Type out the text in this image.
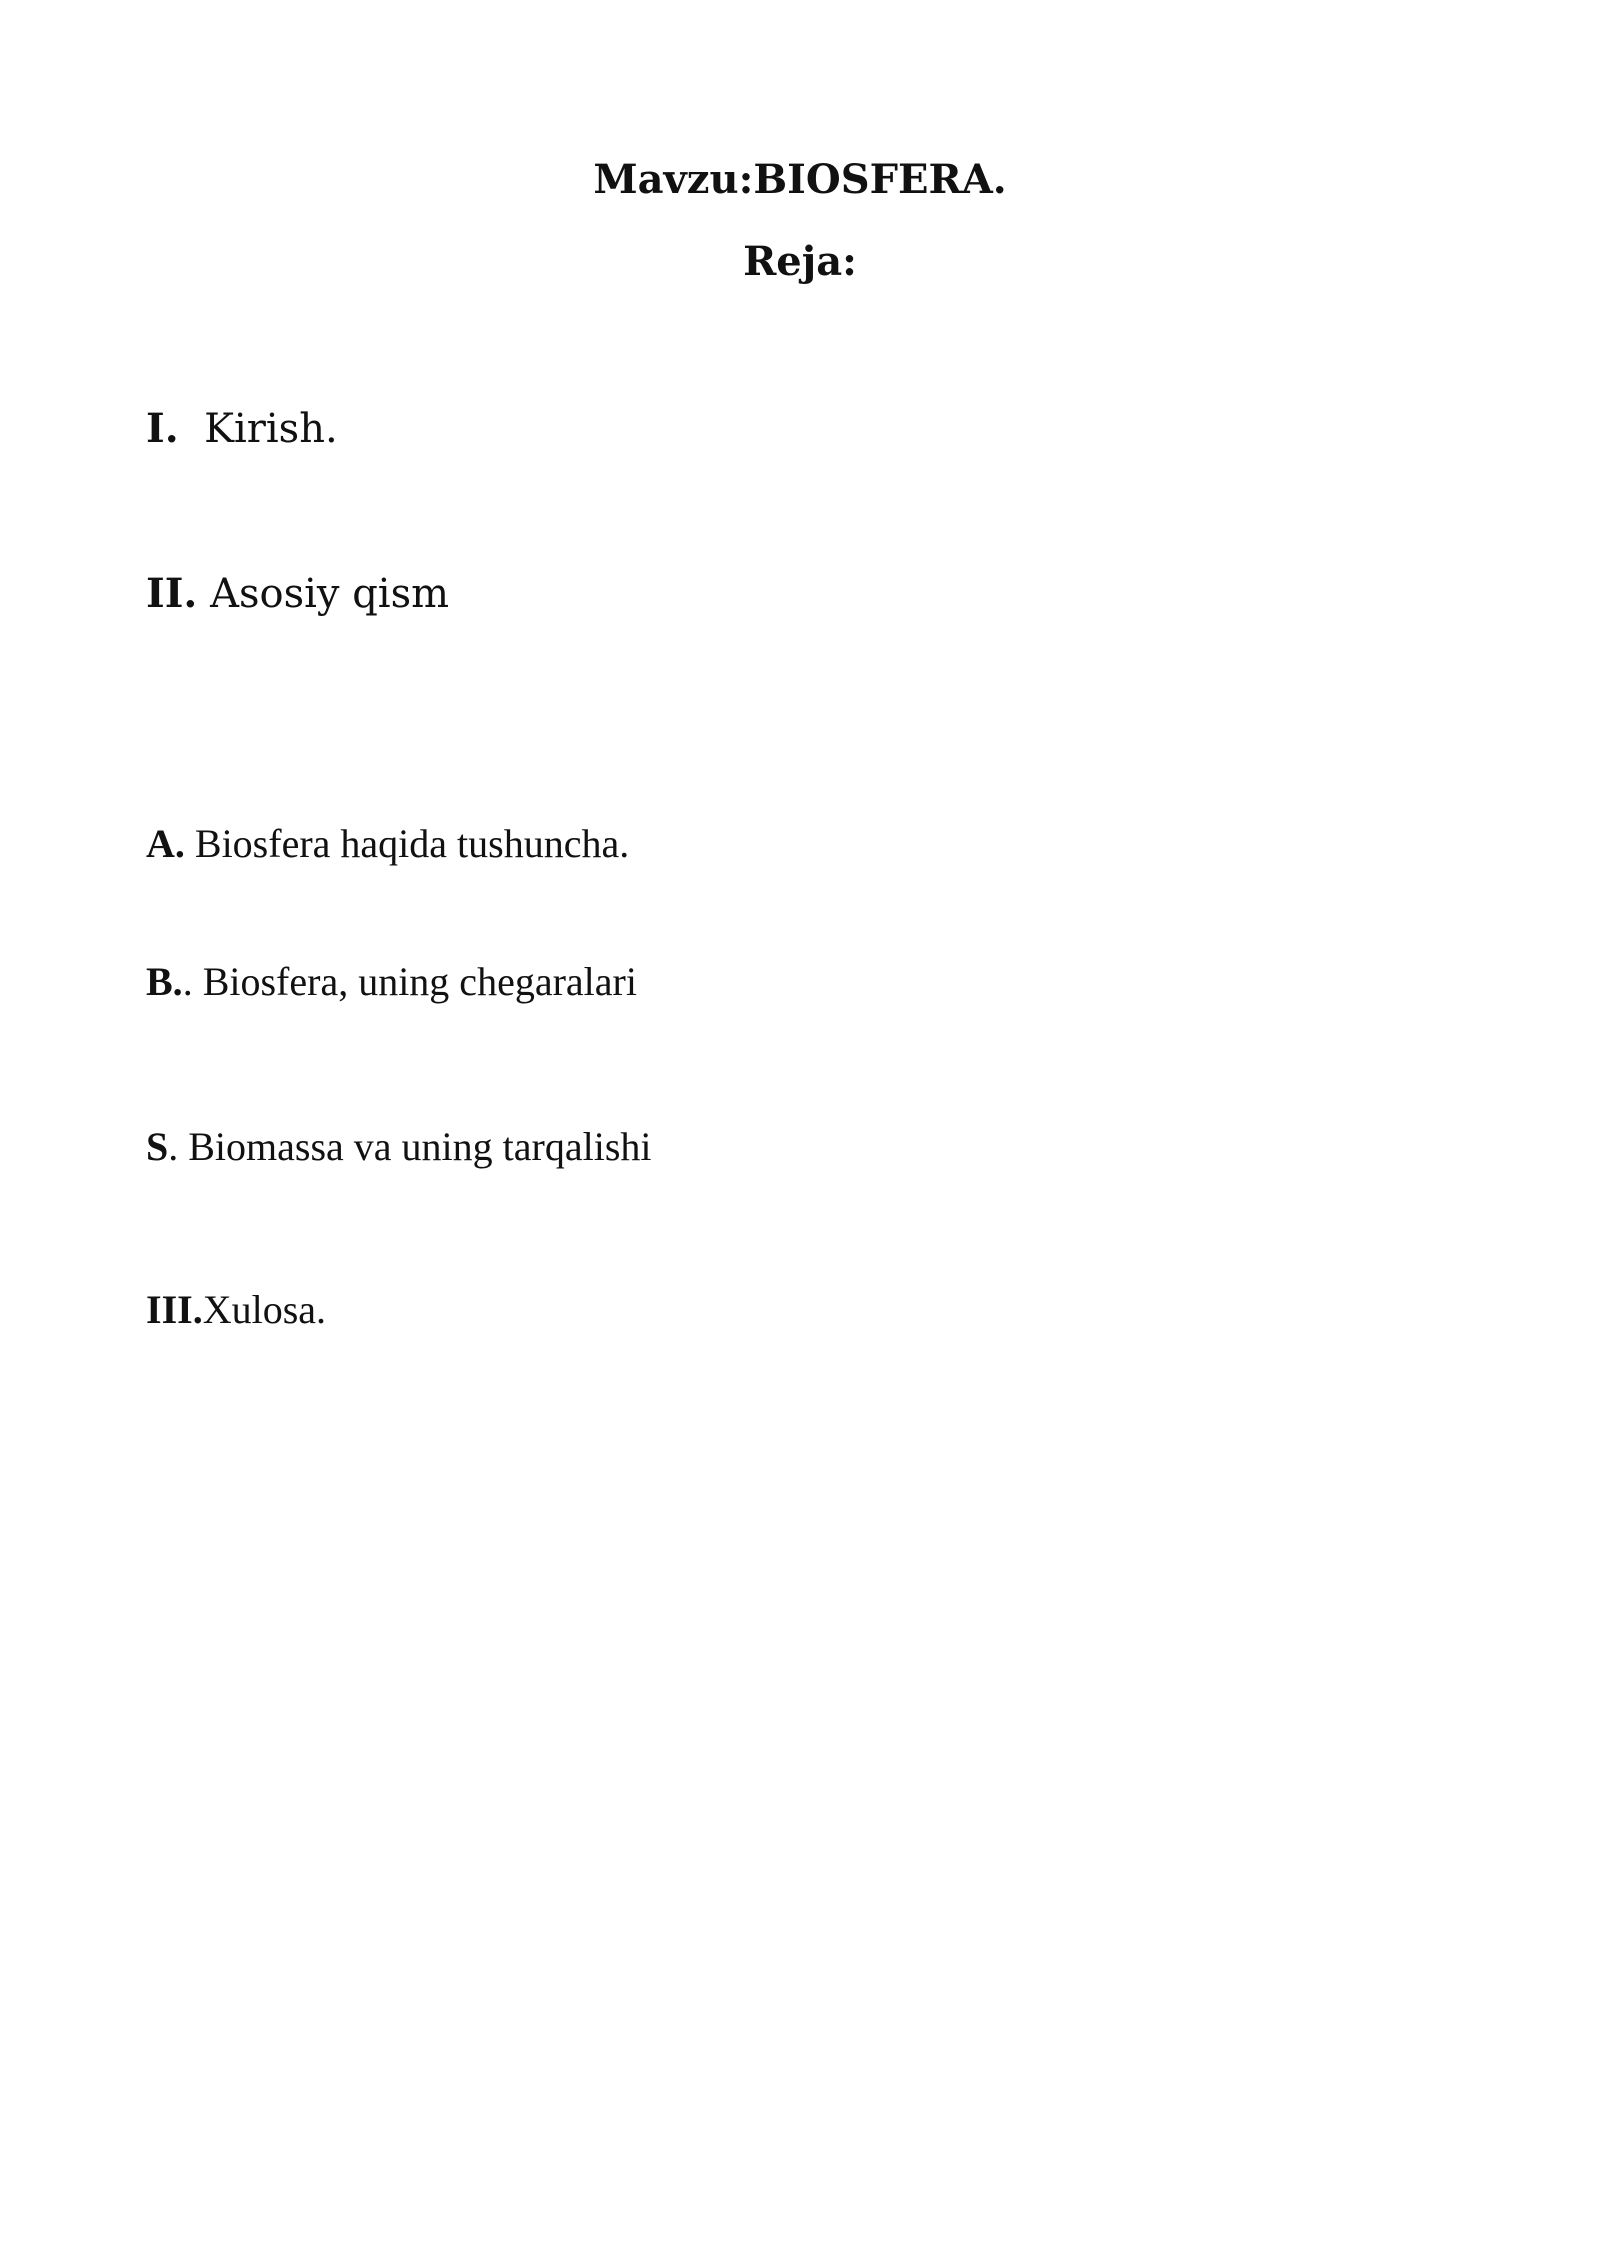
Mavzu:BIOSFERA.
Reja:

I.  Kirish.

II. Asosiy qism

A. Biosfera haqida tushuncha.

B.. Biosfera, uning chegaralari

S. Biomassa va uning tarqalishi

III.Xulosa.
